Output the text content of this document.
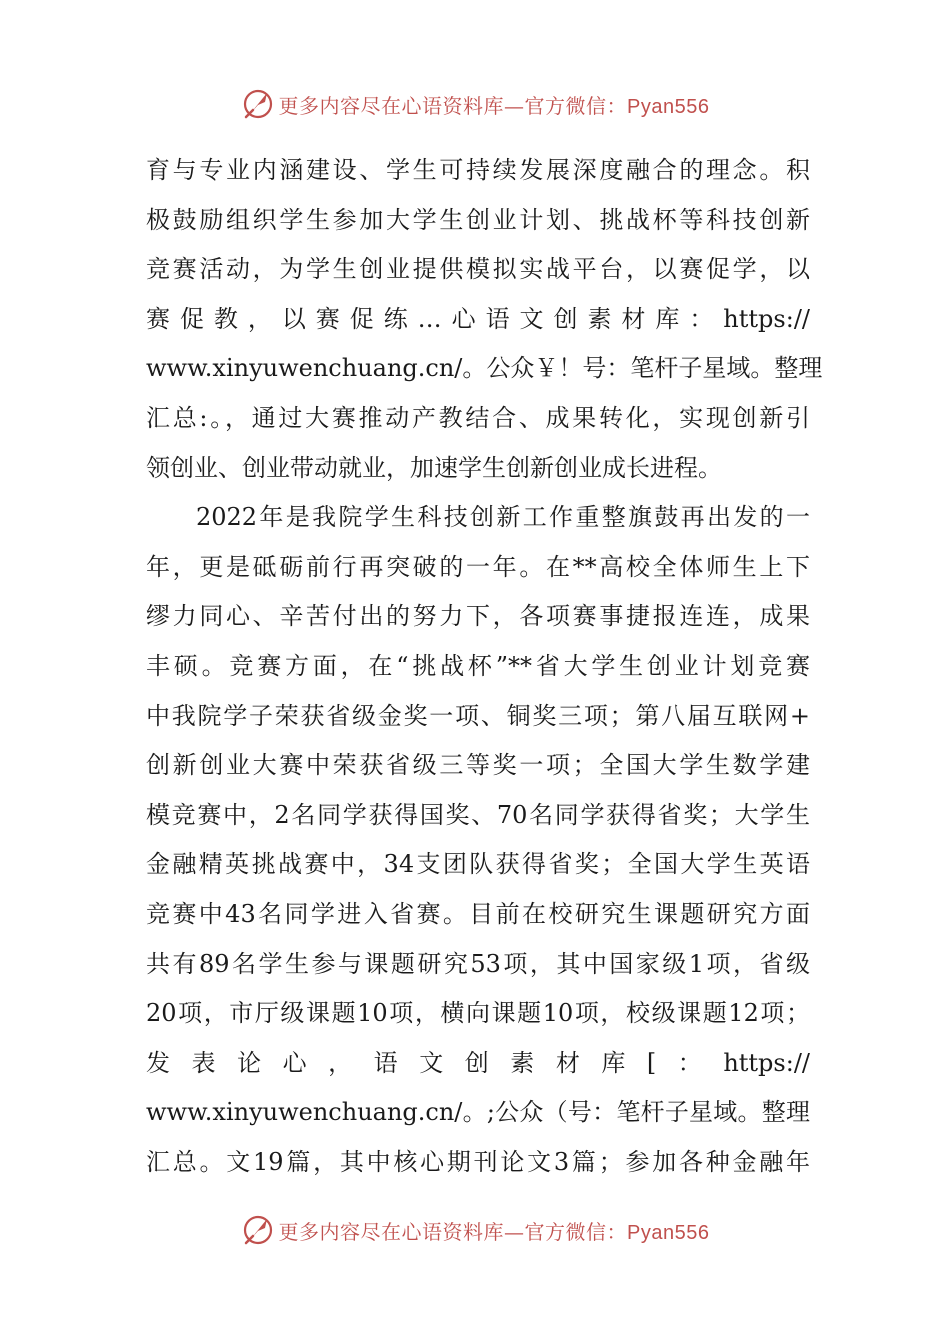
更多内容尽在心语资料库—官方微信：Pyan556
育与专业内涵建设、学生可持续发展深度融合的理念。积
极鼓励组织学生参加大学生创业计划、挑战杯等科技创新
竞赛活动，为学生创业提供模拟实战平台，以赛促学，以
赛促教，以赛促练…心语文创素材库：https://
www.xinyuwenchuang.cn/。公众￥！号：笔杆子星域。整理
汇总:。，通过大赛推动产教结合、成果转化，实现创新引
领创业、创业带动就业，加速学生创新创业成长进程。
2022年是我院学生科技创新工作重整旗鼓再出发的一
年，更是砥砺前行再突破的一年。在**高校全体师生上下
缪力同心、辛苦付出的努力下，各项赛事捷报连连，成果
丰硕。竞赛方面，在“挑战杯”**省大学生创业计划竞赛
中我院学子荣获省级金奖一项、铜奖三项；第八届互联网+
创新创业大赛中荣获省级三等奖一项；全国大学生数学建
模竞赛中，2名同学获得国奖、70名同学获得省奖；大学生
金融精英挑战赛中，34支团队获得省奖；全国大学生英语
竞赛中43名同学进入省赛。目前在校研究生课题研究方面
共有89名学生参与课题研究53项，其中国家级1项，省级
20项，市厅级课题10项，横向课题10项，校级课题12项；
发表论心，语文创素材库[：https://
www.xinyuwenchuang.cn/。;公众（号：笔杆子星域。整理
汇总。文19篇，其中核心期刊论文3篇；参加各种金融年
更多内容尽在心语资料库—官方微信：Pyan556
